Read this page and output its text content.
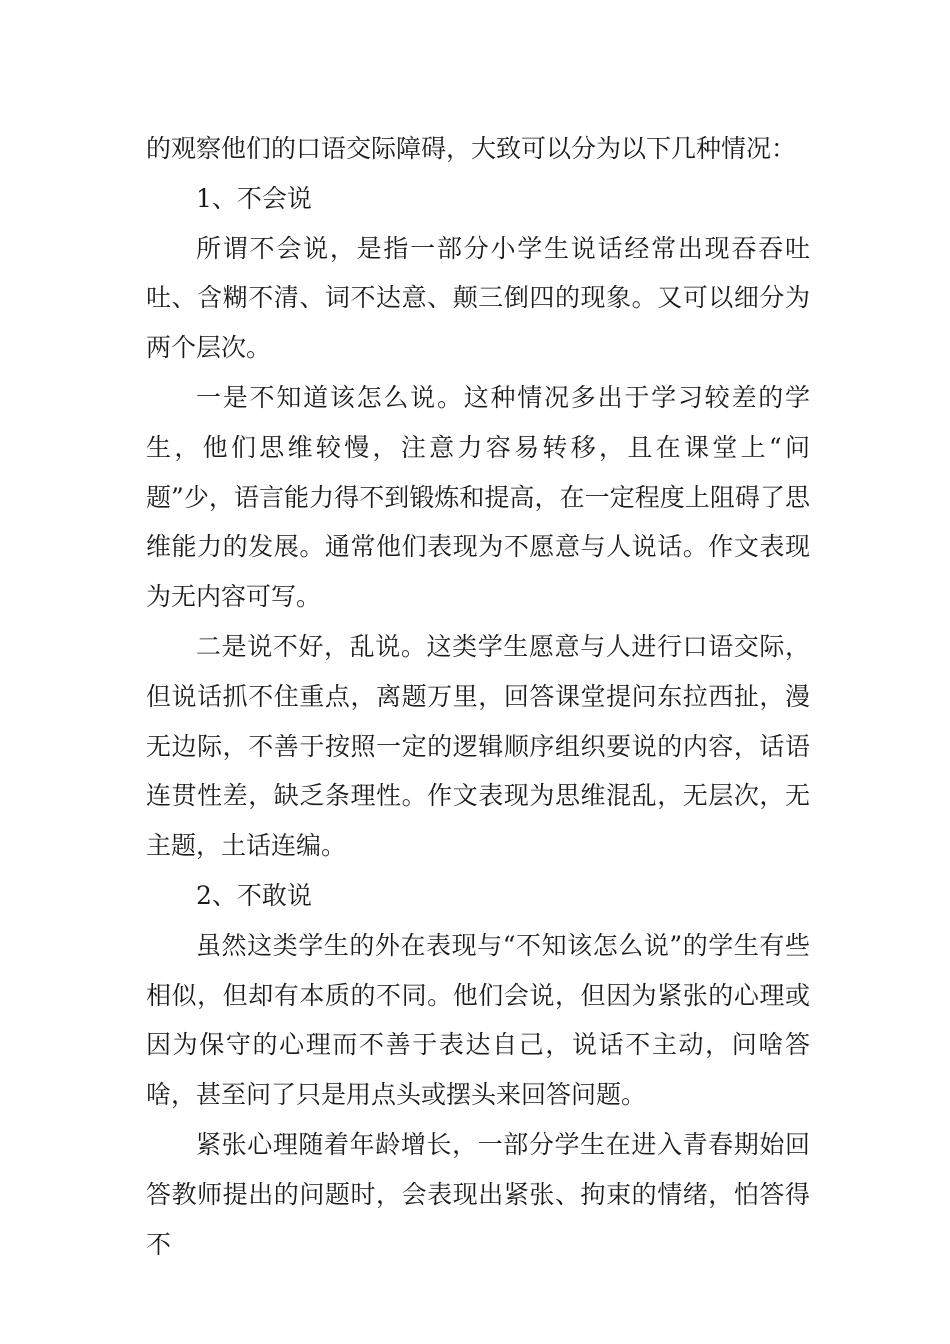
的观察他们的口语交际障碍，大致可以分为以下几种情况：

1、不会说

所谓不会说，是指一部分小学生说话经常出现吞吞吐吐、含糊不清、词不达意、颠三倒四的现象。又可以细分为两个层次。

一是不知道该怎么说。这种情况多出于学习较差的学生，他们思维较慢，注意力容易转移，且在课堂上“问题”少，语言能力得不到锻炼和提高，在一定程度上阻碍了思维能力的发展。通常他们表现为不愿意与人说话。作文表现为无内容可写。

二是说不好，乱说。这类学生愿意与人进行口语交际，但说话抓不住重点，离题万里，回答课堂提问东拉西扯，漫无边际，不善于按照一定的逻辑顺序组织要说的内容，话语连贯性差，缺乏条理性。作文表现为思维混乱，无层次，无主题，土话连编。

2、不敢说

虽然这类学生的外在表现与“不知该怎么说”的学生有些相似，但却有本质的不同。他们会说，但因为紧张的心理或因为保守的心理而不善于表达自己，说话不主动，问啥答啥，甚至问了只是用点头或摆头来回答问题。

紧张心理随着年龄增长，一部分学生在进入青春期始回答教师提出的问题时，会表现出紧张、拘束的情绪，怕答得不
